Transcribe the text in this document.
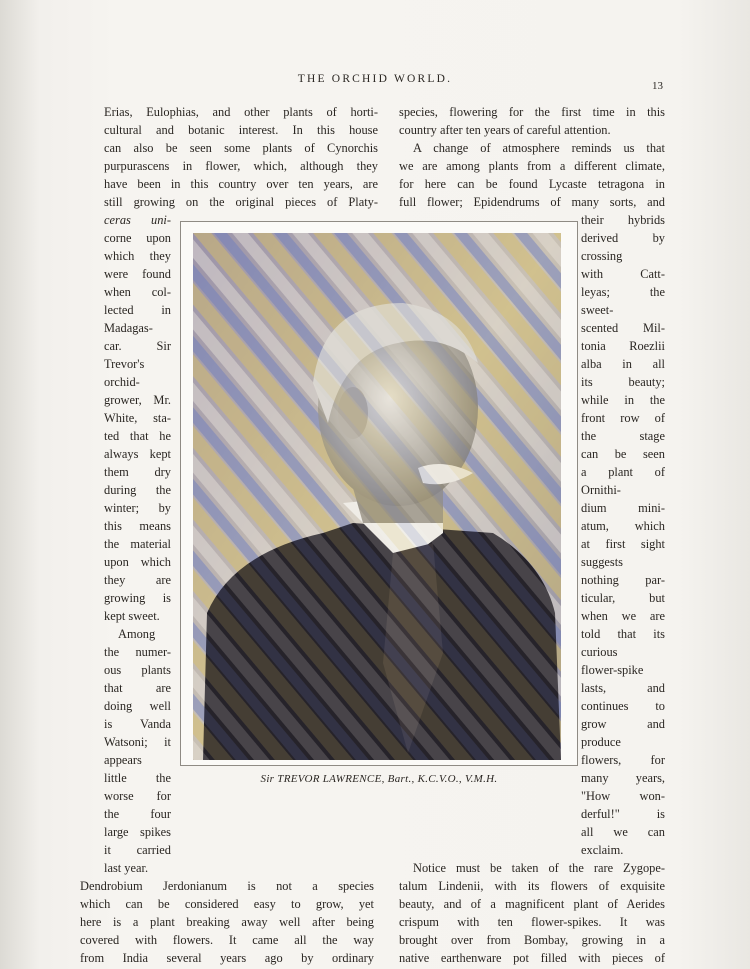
THE ORCHID WORLD.
13
Erias, Eulophias, and other plants of horti-
cultural and botanic interest. In this house
can also be seen some plants of Cynorchis
purpurascens in flower, which, although they
have been in this country over ten years, are
still growing on the original pieces of Platy-
species, flowering for the first time in this
country after ten years of careful attention.
A change of atmosphere reminds us that
we are among plants from a different climate,
for here can be found Lycaste tetragona in
full flower; Epidendrums of many sorts, and
ceras uni-
corne upon
which they
were found
when col-
lected in
Madagas-
car. Sir
Trevor's
orchid-
grower, Mr.
White, sta-
ted that he
always kept
them dry
during the
winter; by
this means
the material
upon which
they are
growing is
kept sweet.
Among
the numer-
ous plants
that are
doing well
is Vanda
Watsoni; it
appears
little the
worse for
the four
large spikes
it carried
last year.
their hybrids
derived by
crossing
with Catt-
leyas; the
sweet-
scented Mil-
tonia Roezlii
alba in all
its beauty;
while in the
front row of
the stage
can be seen
a plant of
Ornithi-
dium mini-
atum, which
at first sight
suggests
nothing par-
ticular, but
when we are
told that its
curious
flower-spike
lasts, and
continues to
grow and
produce
flowers, for
many years,
"How won-
derful!" is
all we can
exclaim.
Sir TREVOR LAWRENCE, Bart., K.C.V.O., V.M.H.
Dendrobium Jerdonianum is not a species
which can be considered easy to grow, yet
here is a plant breaking away well after being
covered with flowers. It came all the way
from India several years ago by ordinary
Notice must be taken of the rare Zygope-
talum Lindenii, with its flowers of exquisite
beauty, and of a magnificent plant of Aerides
crispum with ten flower-spikes. It was
brought over from Bombay, growing in a
native earthenware pot filled with pieces of
